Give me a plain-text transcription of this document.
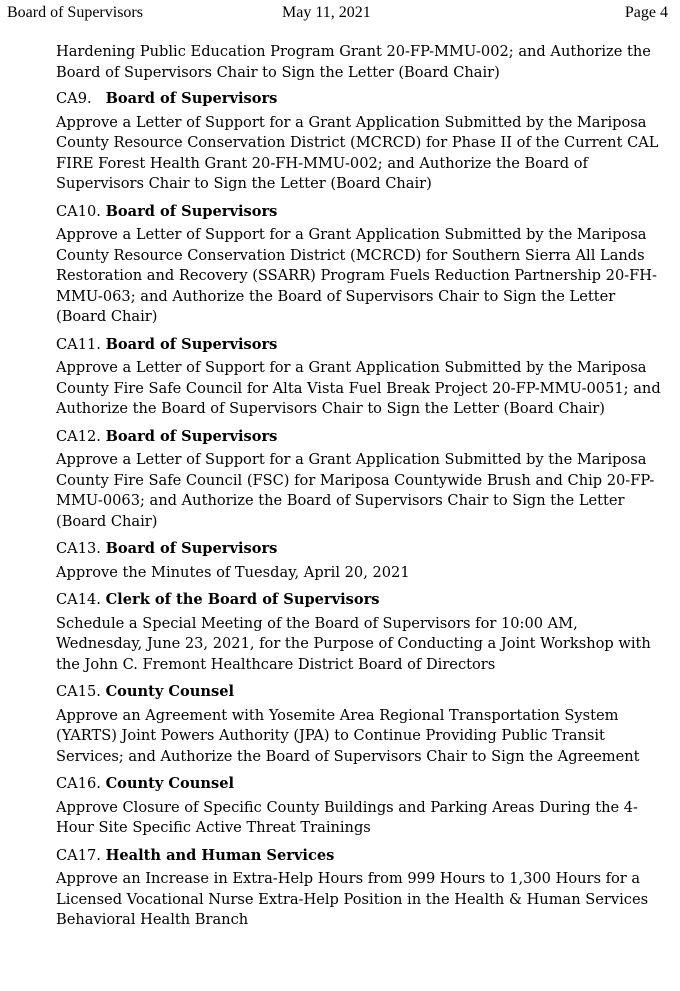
Board of Supervisors	May 11, 2021	Page 4

Hardening Public Education Program Grant 20-FP-MMU-002; and Authorize the Board of Supervisors Chair to Sign the Letter (Board Chair)

CA9. Board of Supervisors

Approve a Letter of Support for a Grant Application Submitted by the Mariposa County Resource Conservation District (MCRCD) for Phase II of the Current CAL FIRE Forest Health Grant 20-FH-MMU-002; and Authorize the Board of Supervisors Chair to Sign the Letter (Board Chair)

CA10. Board of Supervisors

Approve a Letter of Support for a Grant Application Submitted by the Mariposa County Resource Conservation District (MCRCD) for Southern Sierra All Lands Restoration and Recovery (SSARR) Program Fuels Reduction Partnership 20-FH-MMU-063; and Authorize the Board of Supervisors Chair to Sign the Letter (Board Chair)

CA11. Board of Supervisors

Approve a Letter of Support for a Grant Application Submitted by the Mariposa County Fire Safe Council for Alta Vista Fuel Break Project 20-FP-MMU-0051; and Authorize the Board of Supervisors Chair to Sign the Letter (Board Chair)

CA12. Board of Supervisors

Approve a Letter of Support for a Grant Application Submitted by the Mariposa County Fire Safe Council (FSC) for Mariposa Countywide Brush and Chip 20-FP-MMU-0063; and Authorize the Board of Supervisors Chair to Sign the Letter (Board Chair)

CA13. Board of Supervisors

Approve the Minutes of Tuesday, April 20, 2021

CA14. Clerk of the Board of Supervisors

Schedule a Special Meeting of the Board of Supervisors for 10:00 AM, Wednesday, June 23, 2021, for the Purpose of Conducting a Joint Workshop with the John C. Fremont Healthcare District Board of Directors

CA15. County Counsel

Approve an Agreement with Yosemite Area Regional Transportation System (YARTS) Joint Powers Authority (JPA) to Continue Providing Public Transit Services; and Authorize the Board of Supervisors Chair to Sign the Agreement

CA16. County Counsel

Approve Closure of Specific County Buildings and Parking Areas During the 4-Hour Site Specific Active Threat Trainings

CA17. Health and Human Services

Approve an Increase in Extra-Help Hours from 999 Hours to 1,300 Hours for a Licensed Vocational Nurse Extra-Help Position in the Health & Human Services Behavioral Health Branch
